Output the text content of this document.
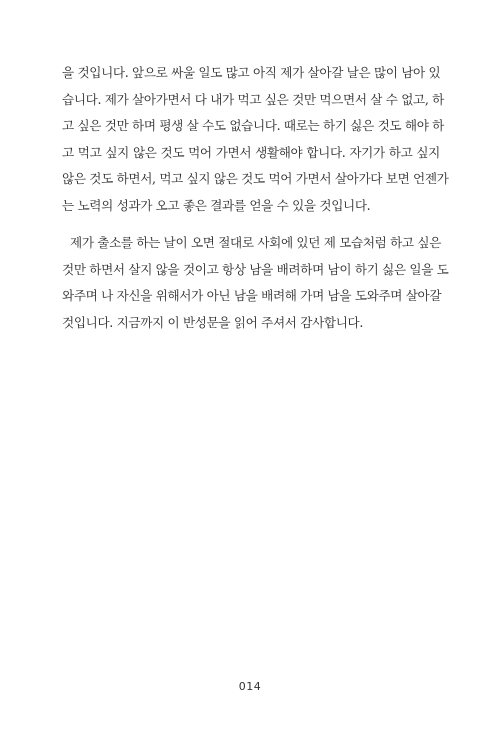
을 것입니다. 앞으로 싸울 일도 많고 아직 제가 살아갈 날은 많이 남아 있
습니다. 제가 살아가면서 다 내가 먹고 싶은 것만 먹으면서 살 수 없고, 하
고 싶은 것만 하며 평생 살 수도 없습니다. 때로는 하기 싫은 것도 해야 하
고 먹고 싶지 않은 것도 먹어 가면서 생활해야 합니다. 자기가 하고 싶지
않은 것도 하면서, 먹고 싶지 않은 것도 먹어 가면서 살아가다 보면 언젠가
는 노력의 성과가 오고 좋은 결과를 얻을 수 있을 것입니다.
제가 출소를 하는 날이 오면 절대로 사회에 있던 제 모습처럼 하고 싶은
것만 하면서 살지 않을 것이고 항상 남을 배려하며 남이 하기 싫은 일을 도
와주며 나 자신을 위해서가 아닌 남을 배려해 가며 남을 도와주며 살아갈
것입니다. 지금까지 이 반성문을 읽어 주셔서 감사합니다.
014
